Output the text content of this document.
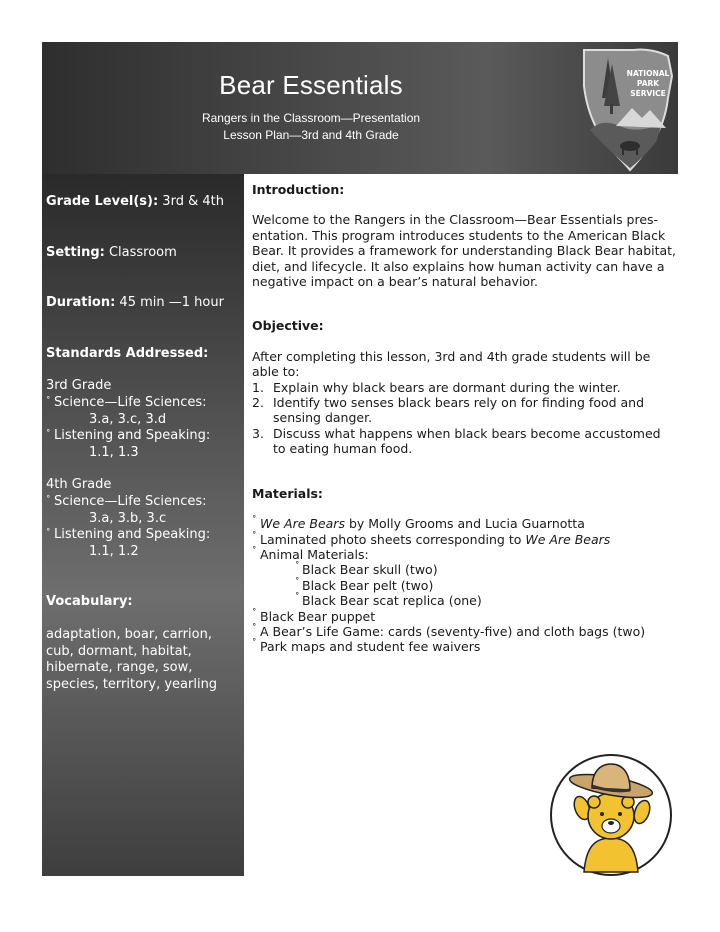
Bear Essentials
Rangers in the Classroom—Presentation
Lesson Plan—3rd and 4th Grade
NATIONAL
PARK
SERVICE

Grade Level(s): 3rd & 4th

Setting: Classroom

Duration: 45 min —1 hour

Standards Addressed:

3rd Grade

˚ Science—Life Sciences:
3.a, 3.c, 3.d
˚ Listening and Speaking:
1.1, 1.3

4th Grade

˚ Science—Life Sciences:
3.a, 3.b, 3.c
˚ Listening and Speaking:
1.1, 1.2

Vocabulary:

adaptation, boar, carrion,
cub, dormant, habitat,
hibernate, range, sow,
species, territory, yearling

Introduction:

Welcome to the Rangers in the Classroom—Bear Essentials pres-
entation. This program introduces students to the American Black
Bear. It provides a framework for understanding Black Bear habitat,
diet, and lifecycle. It also explains how human activity can have a
negative impact on a bear’s natural behavior.

Objective:

After completing this lesson, 3rd and 4th grade students will be
able to:
1. Explain why black bears are dormant during the winter.
2. Identify two senses black bears rely on for finding food and
sensing danger.
3. Discuss what happens when black bears become accustomed
to eating human food.

Materials:

˚ We Are Bears by Molly Grooms and Lucia Guarnotta
˚ Laminated photo sheets corresponding to We Are Bears
˚ Animal Materials:
˚ Black Bear skull (two)
˚ Black Bear pelt (two)
˚ Black Bear scat replica (one)
˚ Black Bear puppet
˚ A Bear’s Life Game: cards (seventy-five) and cloth bags (two)
˚ Park maps and student fee waivers
